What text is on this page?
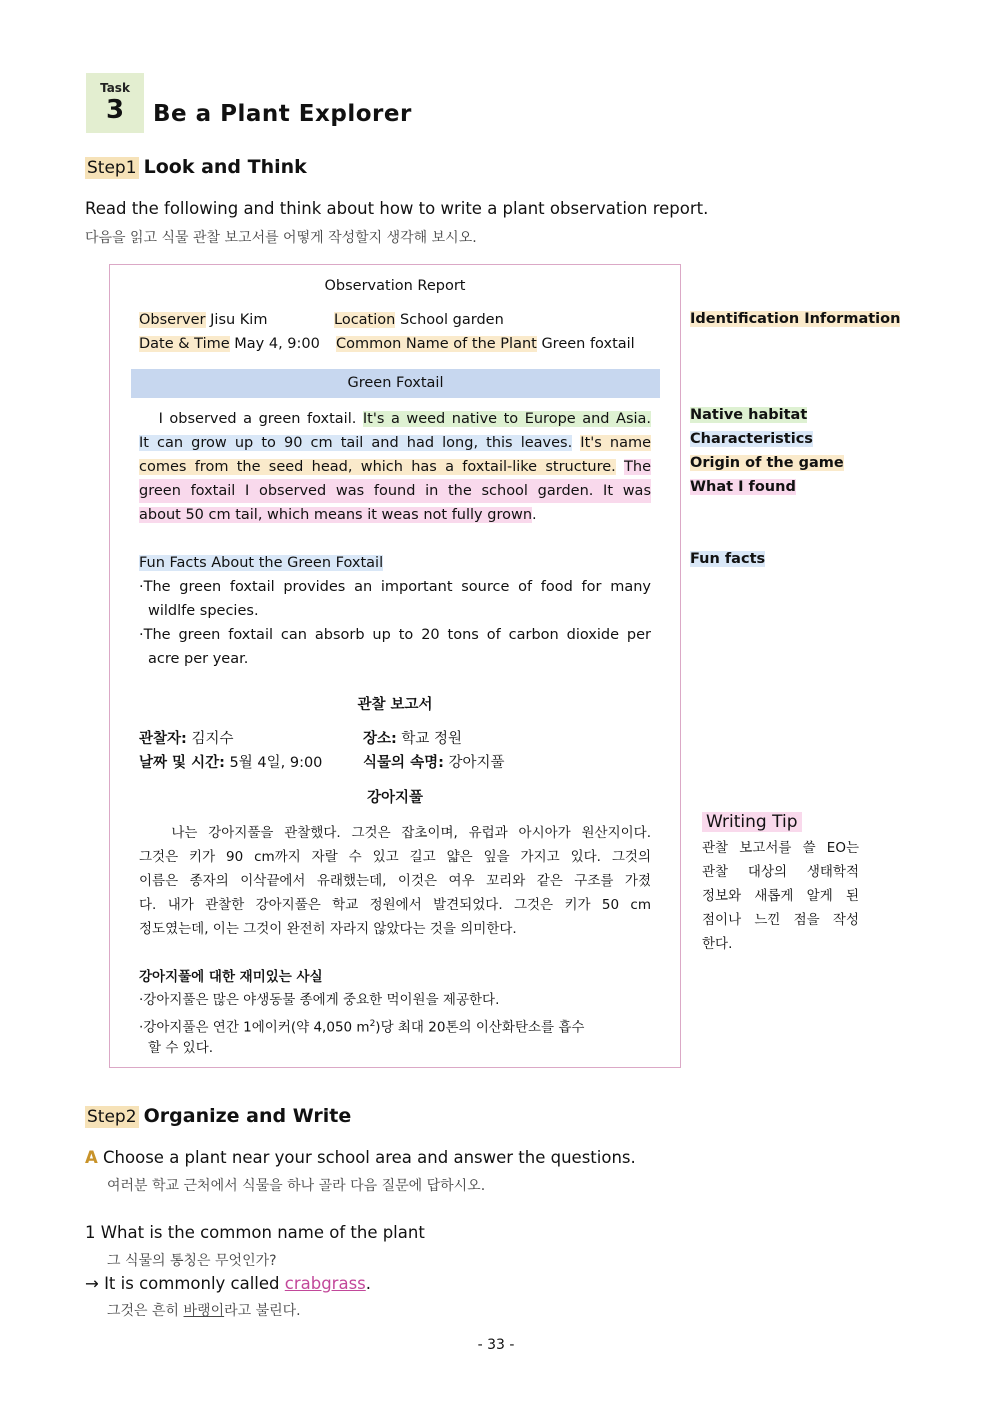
Task
3	Be a Plant Explorer
Step1 Look and Think
Read the following and think about how to write a plant observation report.
다음을 읽고 식물 관찰 보고서를 어떻게 작성할지 생각해 보시오.
Observation Report
Observer Jisu Kim	Location School garden
Date & Time May 4, 9:00 Common Name of the Plant Green foxtail
Green Foxtail
I observed a green foxtail. It's a weed native to Europe and Asia.
It can grow up to 90 cm tail and had long, this leaves. It's name
comes from the seed head, which has a foxtail-like structure. The
green foxtail I observed was found in the school garden. It was
about 50 cm tail, which means it weas not fully grown.
Fun Facts About the Green Foxtail
·The green foxtail provides an important source of food for many
wildlfe species.
·The green foxtail can absorb up to 20 tons of carbon dioxide per
acre per year.
관찰 보고서
관찰자: 김지수	장소: 학교 정원
날짜 및 시간: 5월 4일, 9:00	식물의 속명: 강아지풀
강아지풀
나는 강아지풀을 관찰했다. 그것은 잡초이며, 유럽과 아시아가 원산지이다.
그것은 키가 90 cm까지 자랄 수 있고 길고 얇은 잎을 가지고 있다. 그것의
이름은 종자의 이삭끝에서 유래했는데, 이것은 여우 꼬리와 같은 구조를 가졌
다. 내가 관찰한 강아지풀은 학교 정원에서 발견되었다. 그것은 키가 50 cm
정도였는데, 이는 그것이 완전히 자라지 않았다는 것을 의미한다.
강아지풀에 대한 재미있는 사실
·강아지풀은 많은 야생동물 종에게 중요한 먹이원을 제공한다.
·강아지풀은 연간 1에이커(약 4,050 $m^2$)당 최대 20톤의 이산화탄소를 흡수
할 수 있다.
Identification Information
Native habitat
Characteristics
Origin of the game
What I found
Fun facts
Writing Tip
관찰 보고서를 쓸 EO는
관찰 대상의 생태학적
정보와 새롭게 알게 된
점이나 느낀 점을 작성
한다.
Step2 Organize and Write
A Choose a plant near your school area and answer the questions.
여러분 학교 근처에서 식물을 하나 골라 다음 질문에 답하시오.
1 What is the common name of the plant
그 식물의 통칭은 무엇인가?
→ It is commonly called crabgrass.
그것은 흔히 바랭이라고 불린다.
- 33 -
